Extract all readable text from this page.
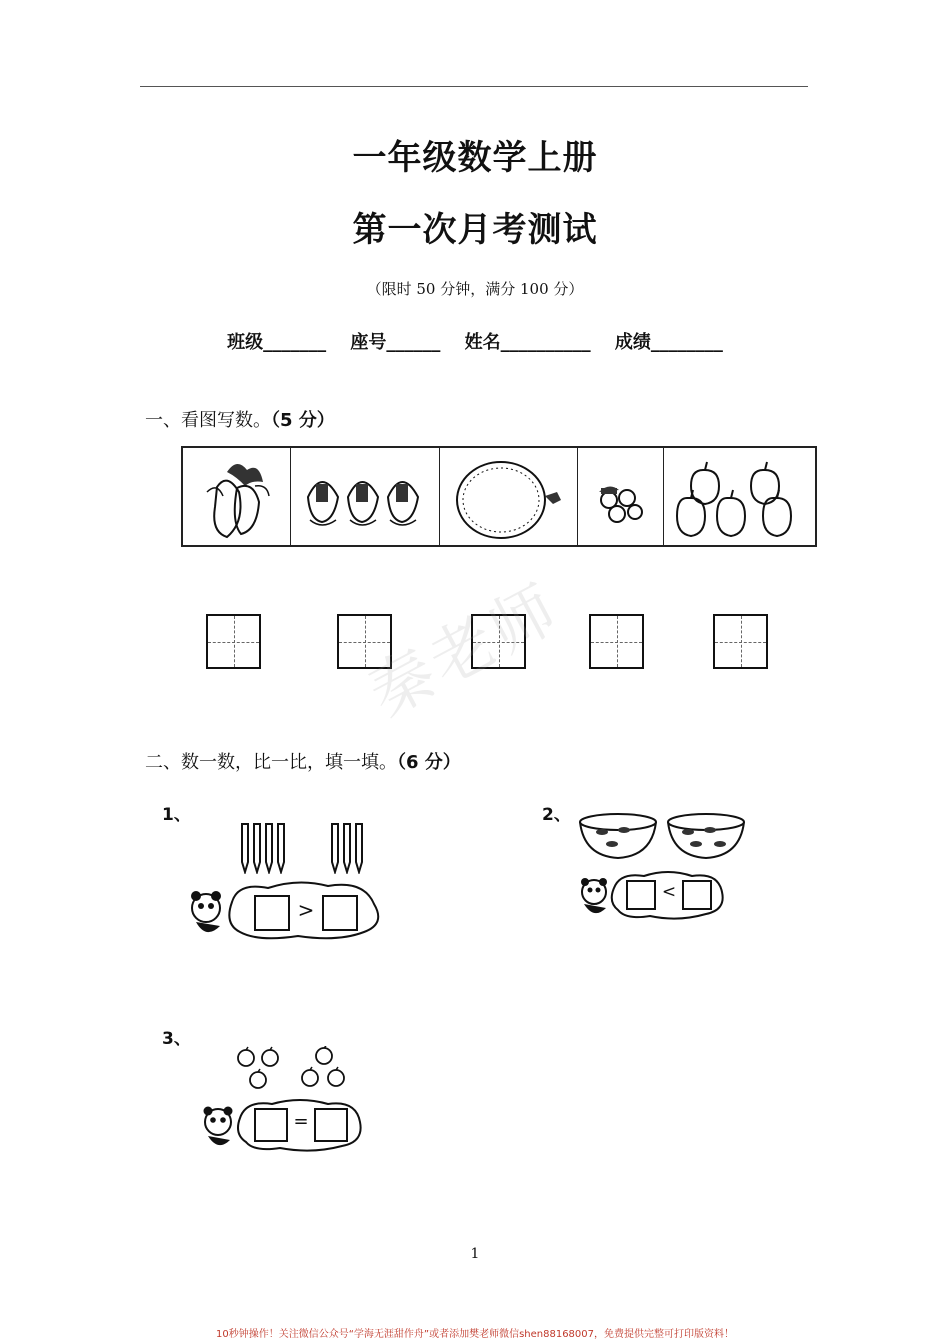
一年级数学上册
第一次月考测试
（限时 50 分钟，满分 100 分）
班级_______ 座号______ 姓名__________ 成绩________
一、看图写数。（5 分）
秦老师
二、数一数，比一比，填一填。（6 分）
1、
>
2、
<
3、
=
1
10秒钟操作！关注微信公众号“学海无涯甜作舟”或者添加樊老师微信shen88168007，免费提供完整可打印版资料！
